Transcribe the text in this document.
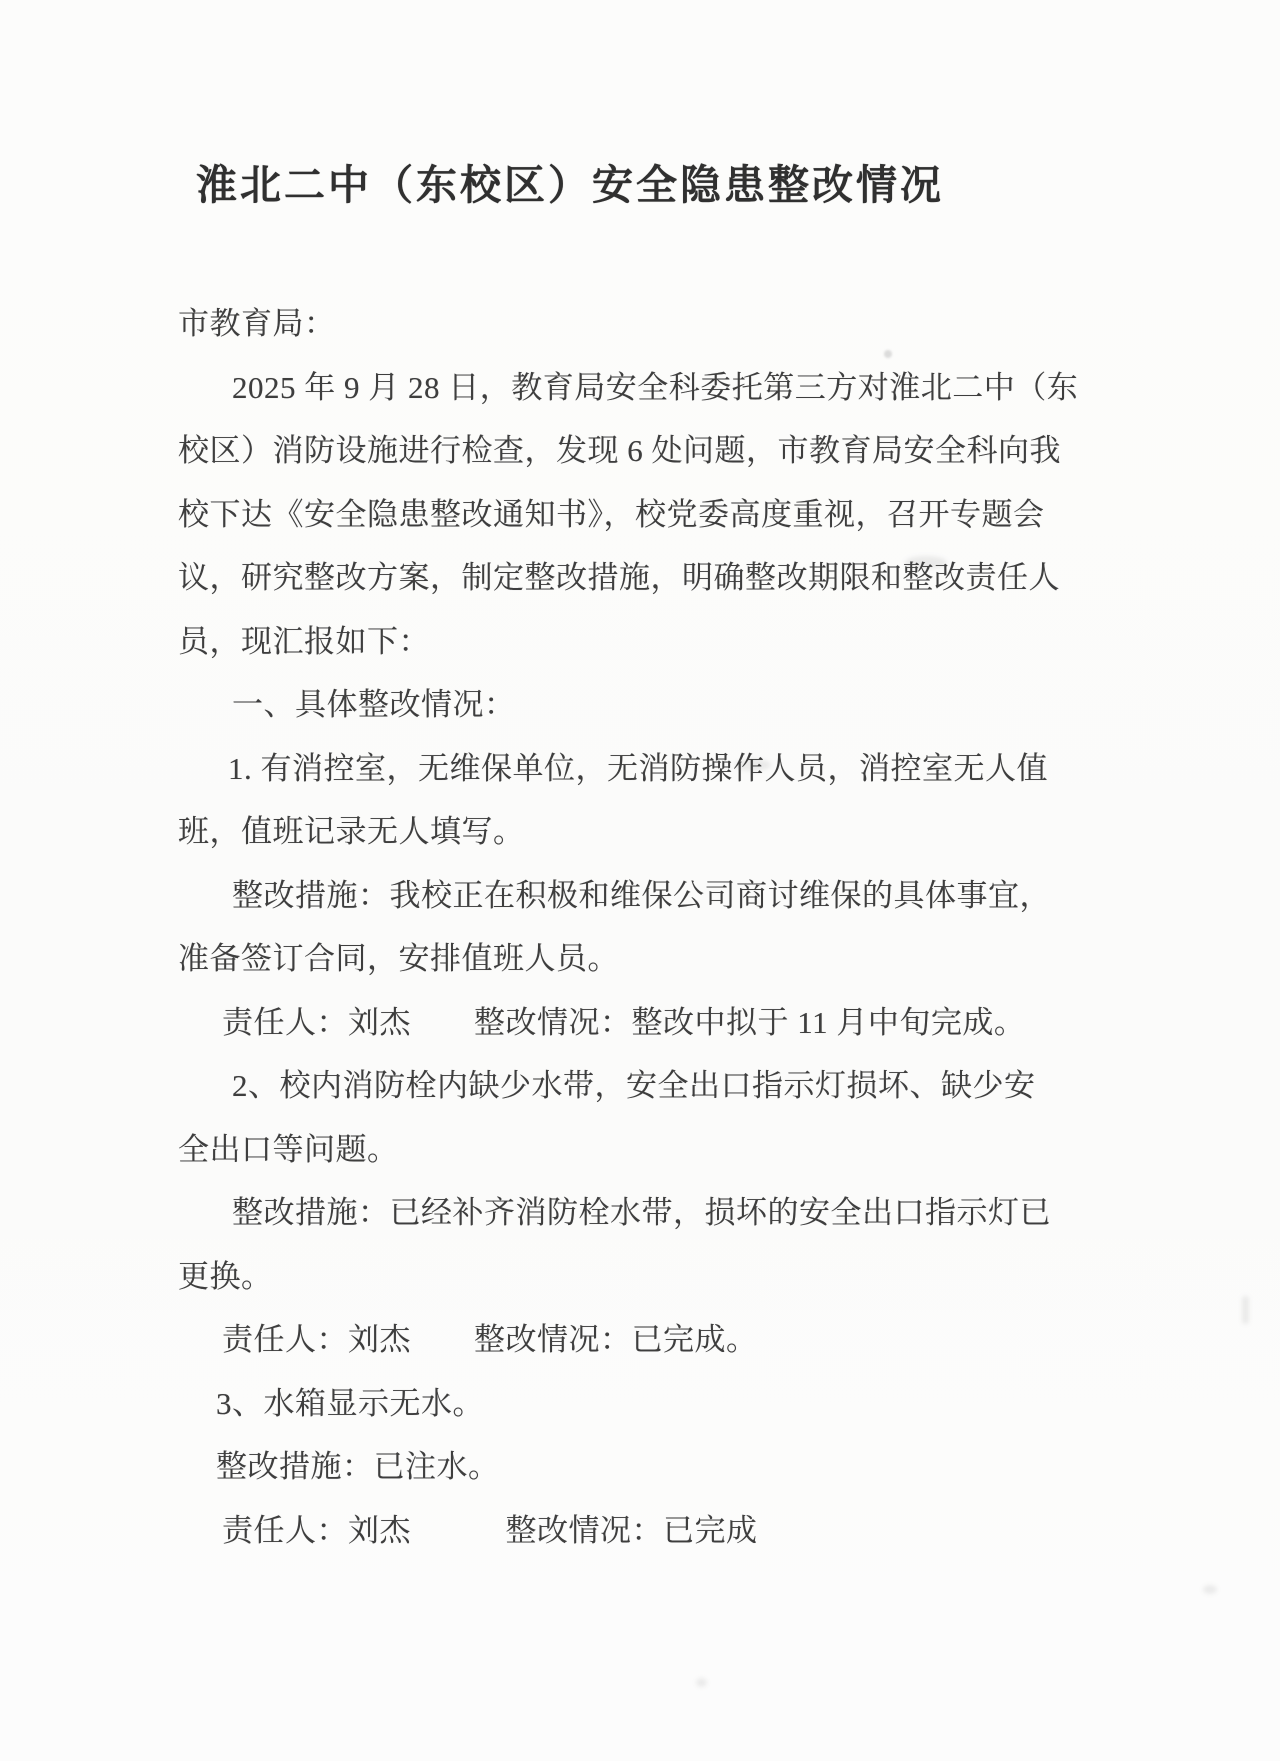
淮北二中（东校区）安全隐患整改情况
市教育局：
2025 年 9 月 28 日，教育局安全科委托第三方对淮北二中（东
校区）消防设施进行检查，发现 6 处问题，市教育局安全科向我
校下达《安全隐患整改通知书》，校党委高度重视，召开专题会
议，研究整改方案，制定整改措施，明确整改期限和整改责任人
员，现汇报如下：
一、具体整改情况：
1. 有消控室，无维保单位，无消防操作人员，消控室无人值
班，值班记录无人填写。
整改措施：我校正在积极和维保公司商讨维保的具体事宜，
准备签订合同，安排值班人员。
责任人：刘杰　　整改情况：整改中拟于 11 月中旬完成。
2、校内消防栓内缺少水带，安全出口指示灯损坏、缺少安
全出口等问题。
整改措施：已经补齐消防栓水带，损坏的安全出口指示灯已
更换。
责任人：刘杰　　整改情况：已完成。
3、水箱显示无水。
整改措施：已注水。
责任人：刘杰　　　整改情况：已完成
